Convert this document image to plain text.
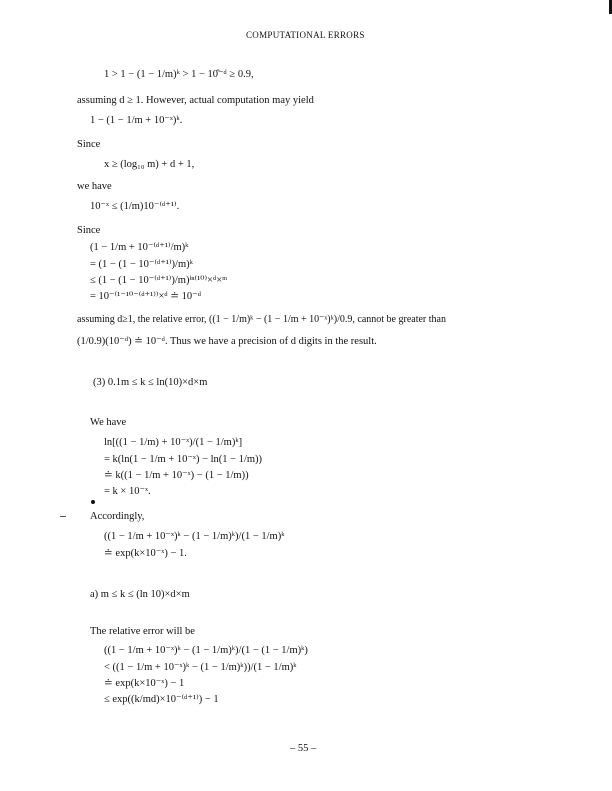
COMPUTATIONAL ERRORS
1 > 1 − (1 − 1/m)ᵏ > 1 − 10̂⁻ᵈ ≥ 0.9,
assuming d ≥ 1. However, actual computation may yield
1 − (1 − 1/m + 10⁻ˣ)ᵏ.
Since
x ≥ (log₁₀ m) + d + 1,
we have
10⁻ˣ ≤ (1/m)10⁻⁽ᵈ⁺¹⁾.
Since
(1 − 1/m + 10⁻⁽ᵈ⁺¹⁾/m)ᵏ
= (1 − (1 − 10⁻⁽ᵈ⁺¹⁾)/m)ᵏ
≤ (1 − (1 − 10⁻⁽ᵈ⁺¹⁾)/m)ˡⁿ⁽¹⁰⁾×ᵈ×ᵐ
= 10⁻⁽¹⁻¹⁰⁻⁽ᵈ⁺¹⁾⁾×ᵈ ≐ 10⁻ᵈ
assuming d≥1, the relative error, ((1 − 1/m)ᵏ − (1 − 1/m + 10⁻ˣ)ᵏ)/0.9, cannot be greater than
(1/0.9)(10⁻ᵈ) ≐ 10⁻ᵈ. Thus we have a precision of d digits in the result.
(3) 0.1m ≤ k ≤ ln(10)×d×m
We have
ln[((1 − 1/m) + 10⁻ˣ)/(1 − 1/m)ᵏ]
= k(ln(1 − 1/m + 10⁻ˣ) − ln(1 − 1/m))
≐ k((1 − 1/m + 10⁻ˣ) − (1 − 1/m))
= k × 10⁻ˣ.
Accordingly,
((1 − 1/m + 10⁻ˣ)ᵏ − (1 − 1/m)ᵏ)/(1 − 1/m)ᵏ
≐ exp(k×10⁻ˣ) − 1.
a) m ≤ k ≤ (ln 10)×d×m
The relative error will be
((1 − 1/m + 10⁻ˣ)ᵏ − (1 − 1/m)ᵏ)/(1 − (1 − 1/m)ᵏ)
< ((1 − 1/m + 10⁻ˣ)ᵏ − (1 − 1/m)ᵏ))/(1 − 1/m)ᵏ
≐ exp(k×10⁻ˣ) − 1
≤ exp((k/md)×10⁻⁽ᵈ⁺¹⁾) − 1
– 55 –
